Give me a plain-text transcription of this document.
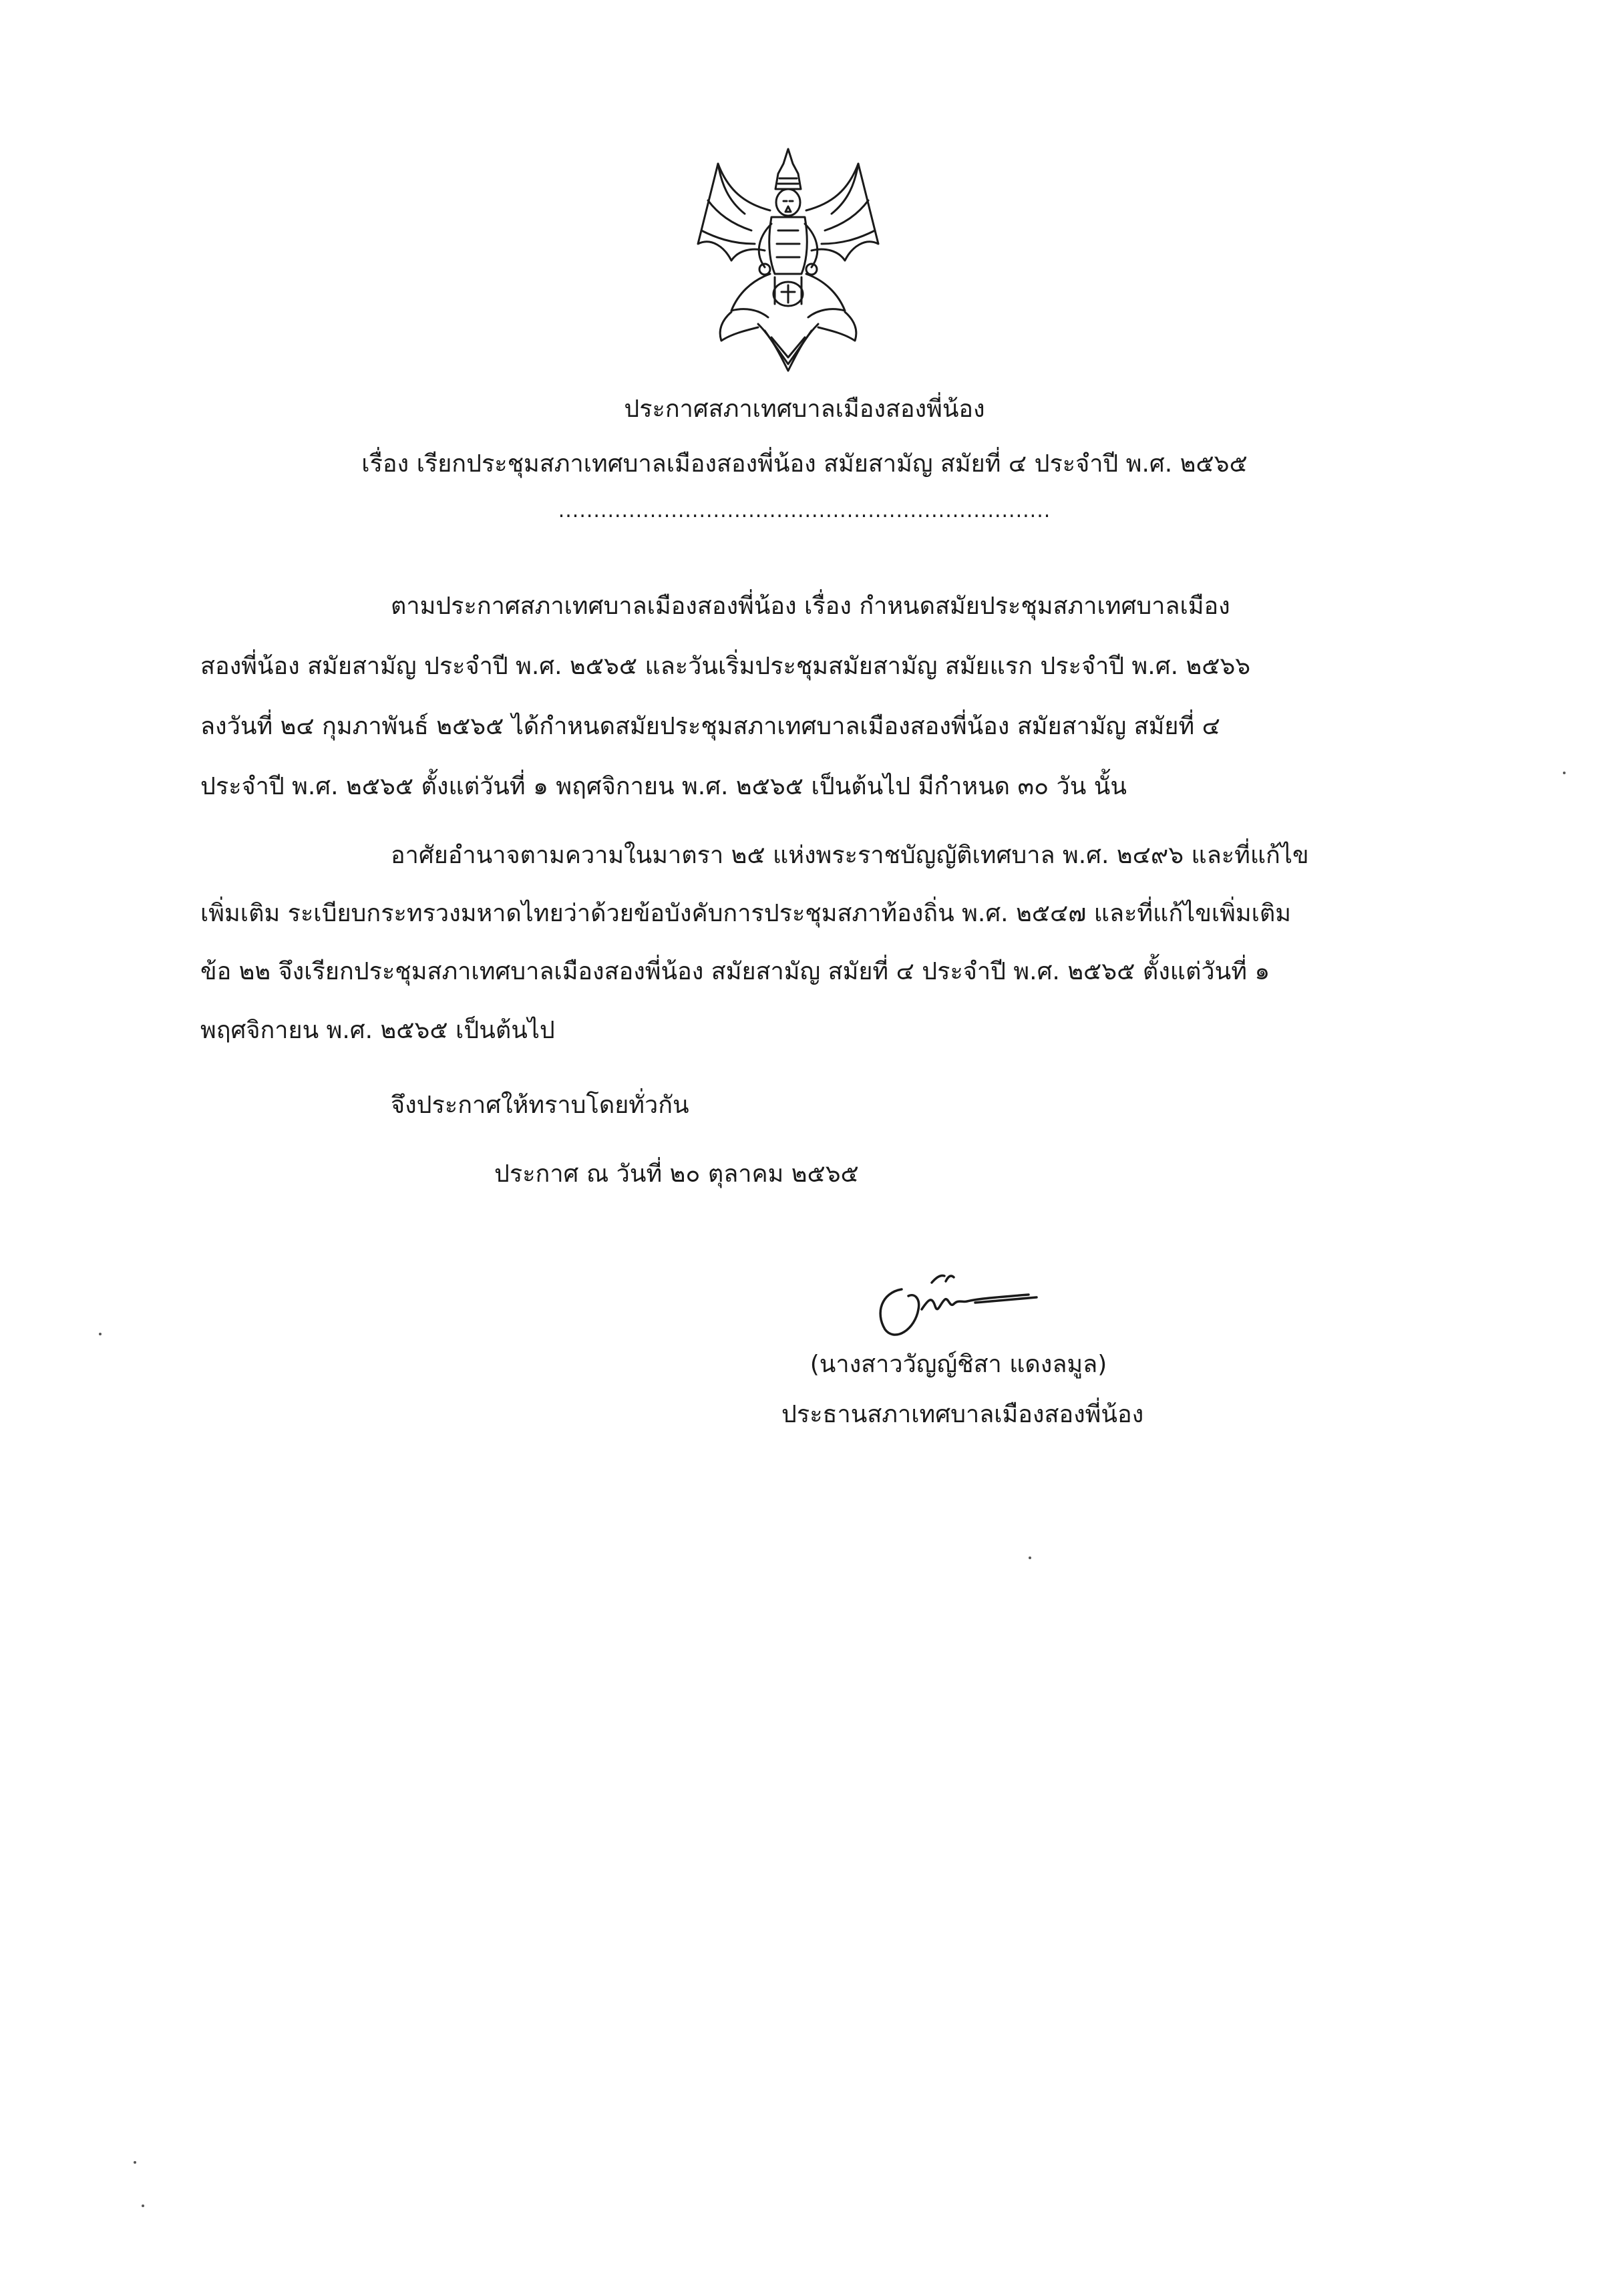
ประกาศสภาเทศบาลเมืองสองพี่น้อง
เรื่อง เรียกประชุมสภาเทศบาลเมืองสองพี่น้อง สมัยสามัญ สมัยที่ ๔ ประจำปี พ.ศ. ๒๕๖๕
......................................................................
ตามประกาศสภาเทศบาลเมืองสองพี่น้อง เรื่อง กำหนดสมัยประชุมสภาเทศบาลเมือง
สองพี่น้อง สมัยสามัญ ประจำปี พ.ศ. ๒๕๖๕ และวันเริ่มประชุมสมัยสามัญ สมัยแรก ประจำปี พ.ศ. ๒๕๖๖
ลงวันที่ ๒๔ กุมภาพันธ์ ๒๕๖๕ ได้กำหนดสมัยประชุมสภาเทศบาลเมืองสองพี่น้อง สมัยสามัญ สมัยที่ ๔
ประจำปี พ.ศ. ๒๕๖๕ ตั้งแต่วันที่ ๑ พฤศจิกายน พ.ศ. ๒๕๖๕ เป็นต้นไป มีกำหนด ๓๐ วัน นั้น
อาศัยอำนาจตามความในมาตรา ๒๕ แห่งพระราชบัญญัติเทศบาล พ.ศ. ๒๔๙๖ และที่แก้ไข
เพิ่มเติม ระเบียบกระทรวงมหาดไทยว่าด้วยข้อบังคับการประชุมสภาท้องถิ่น พ.ศ. ๒๕๔๗ และที่แก้ไขเพิ่มเติม
ข้อ ๒๒ จึงเรียกประชุมสภาเทศบาลเมืองสองพี่น้อง สมัยสามัญ สมัยที่ ๔ ประจำปี พ.ศ. ๒๕๖๕ ตั้งแต่วันที่ ๑
พฤศจิกายน พ.ศ. ๒๕๖๕ เป็นต้นไป
จึงประกาศให้ทราบโดยทั่วกัน
ประกาศ ณ วันที่ ๒๐ ตุลาคม ๒๕๖๕
(นางสาววัญญ์ชิสา แดงลมูล)
ประธานสภาเทศบาลเมืองสองพี่น้อง
